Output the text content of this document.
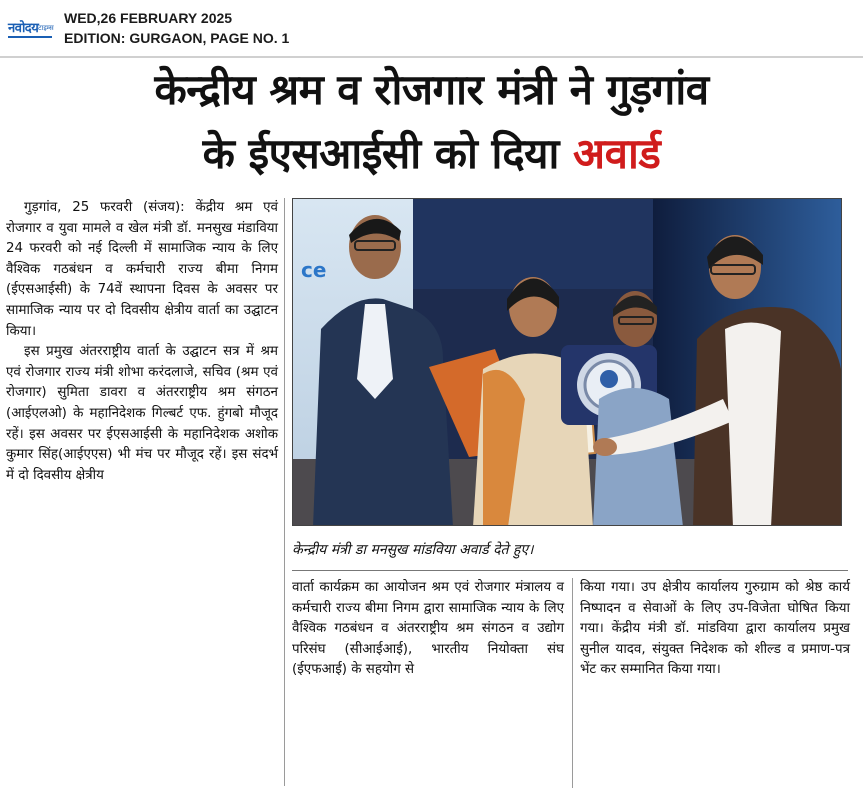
नवोदय टाइम्स
WED,26 FEBRUARY 2025
EDITION: GURGAON, PAGE NO. 1
केन्द्रीय श्रम व रोजगार मंत्री ने गुड़गांव
के ईएसआईसी को दिया अवार्ड

गुड़गांव, 25 फरवरी (संजय): केंद्रीय श्रम एवं रोजगार व युवा मामले व खेल मंत्री डॉ. मनसुख मंडाविया 24 फरवरी को नई दिल्ली में सामाजिक न्याय के लिए वैश्विक गठबंधन व कर्मचारी राज्य बीमा निगम (ईएसआईसी) के 74वें स्थापना दिवस के अवसर पर सामाजिक न्याय पर दो दिवसीय क्षेत्रीय वार्ता का उद्घाटन किया।

इस प्रमुख अंतरराष्ट्रीय वार्ता के उद्घाटन सत्र में श्रम एवं रोजगार राज्य मंत्री शोभा करंदलाजे, सचिव (श्रम एवं रोजगार) सुमिता डावरा व अंतरराष्ट्रीय श्रम संगठन (आईएलओ) के महानिदेशक गिल्बर्ट एफ. हुंगबो मौजूद रहें। इस अवसर पर ईएसआईसी के महानिदेशक अशोक कुमार सिंह(आईएएस) भी मंच पर मौजूद रहें। इस संदर्भ में दो दिवसीय क्षेत्रीय

ce
केन्द्रीय मंत्री डा मनसुख मांडविया अवार्ड देते हुए।

वार्ता कार्यक्रम का आयोजन श्रम एवं रोजगार मंत्रालय व कर्मचारी राज्य बीमा निगम द्वारा सामाजिक न्याय के लिए वैश्विक गठबंधन व अंतरराष्ट्रीय श्रम संगठन व उद्योग परिसंघ (सीआईआई), भारतीय नियोक्ता संघ (ईएफआई) के सहयोग से

किया गया। उप क्षेत्रीय कार्यालय गुरुग्राम को श्रेष्ठ कार्य निष्पादन व सेवाओं के लिए उप-विजेता घोषित किया गया। केंद्रीय मंत्री डॉ. मांडविया द्वारा कार्यालय प्रमुख सुनील यादव, संयुक्त निदेशक को शील्ड व प्रमाण-पत्र भेंट कर सम्मानित किया गया।
